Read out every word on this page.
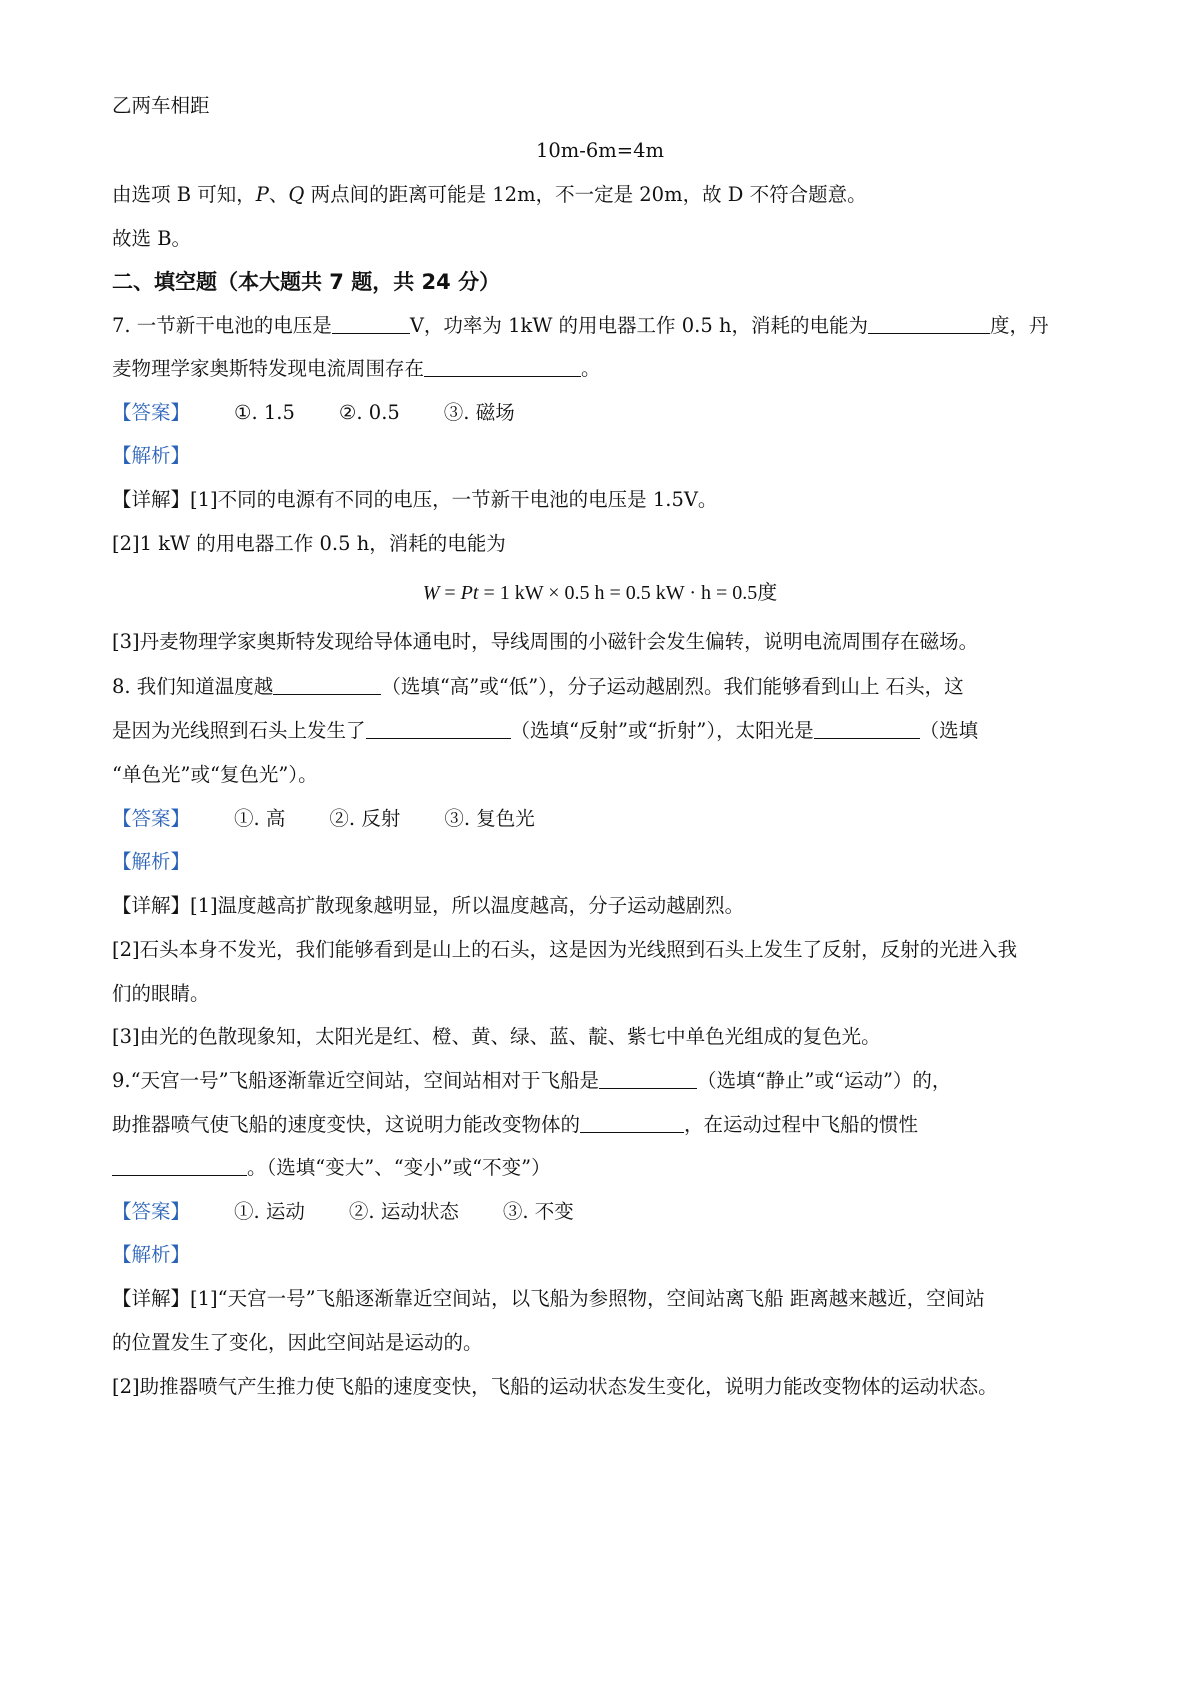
乙两车相距
10m-6m=4m
由选项 B 可知，P、Q 两点间的距离可能是 12m，不一定是 20m，故 D 不符合题意。
故选 B。
二、填空题（本大题共 7 题，共 24 分）
7. 一节新干电池的电压是	V，功率为 1kW 的用电器工作 0.5 h，消耗的电能为	度，丹
麦物理学家奥斯特发现电流周围存在	。
【答案】 ①. 1.5 ②. 0.5 ③. 磁场
【解析】
【详解】[1]不同的电源有不同的电压，一节新干电池的电压是 1.5V。
[2]1 kW 的用电器工作 0.5 h，消耗的电能为
W = Pt = 1 kW × 0.5 h = 0.5 kW · h = 0.5度
[3]丹麦物理学家奥斯特发现给导体通电时，导线周围的小磁针会发生偏转，说明电流周围存在磁场。
8. 我们知道温度越	（选填“高”或“低”），分子运动越剧烈。我们能够看到山上 石头，这
是因为光线照到石头上发生了	（选填“反射”或“折射”），太阳光是	（选填
“单色光”或“复色光”）。
【答案】 ①. 高 ②. 反射 ③. 复色光
【解析】
【详解】[1]温度越高扩散现象越明显，所以温度越高，分子运动越剧烈。
[2]石头本身不发光，我们能够看到是山上的石头，这是因为光线照到石头上发生了反射，反射的光进入我
们的眼睛。
[3]由光的色散现象知，太阳光是红、橙、黄、绿、蓝、靛、紫七中单色光组成的复色光。
9.“天宫一号”飞船逐渐靠近空间站，空间站相对于飞船是	（选填“静止”或“运动”）的，
助推器喷气使飞船的速度变快，这说明力能改变物体的	，在运动过程中飞船的惯性
。（选填“变大”、“变小”或“不变”）
【答案】 ①. 运动 ②. 运动状态 ③. 不变
【解析】
【详解】[1]“天宫一号”飞船逐渐靠近空间站，以飞船为参照物，空间站离飞船 距离越来越近，空间站
的位置发生了变化，因此空间站是运动的。
[2]助推器喷气产生推力使飞船的速度变快，飞船的运动状态发生变化，说明力能改变物体的运动状态。
